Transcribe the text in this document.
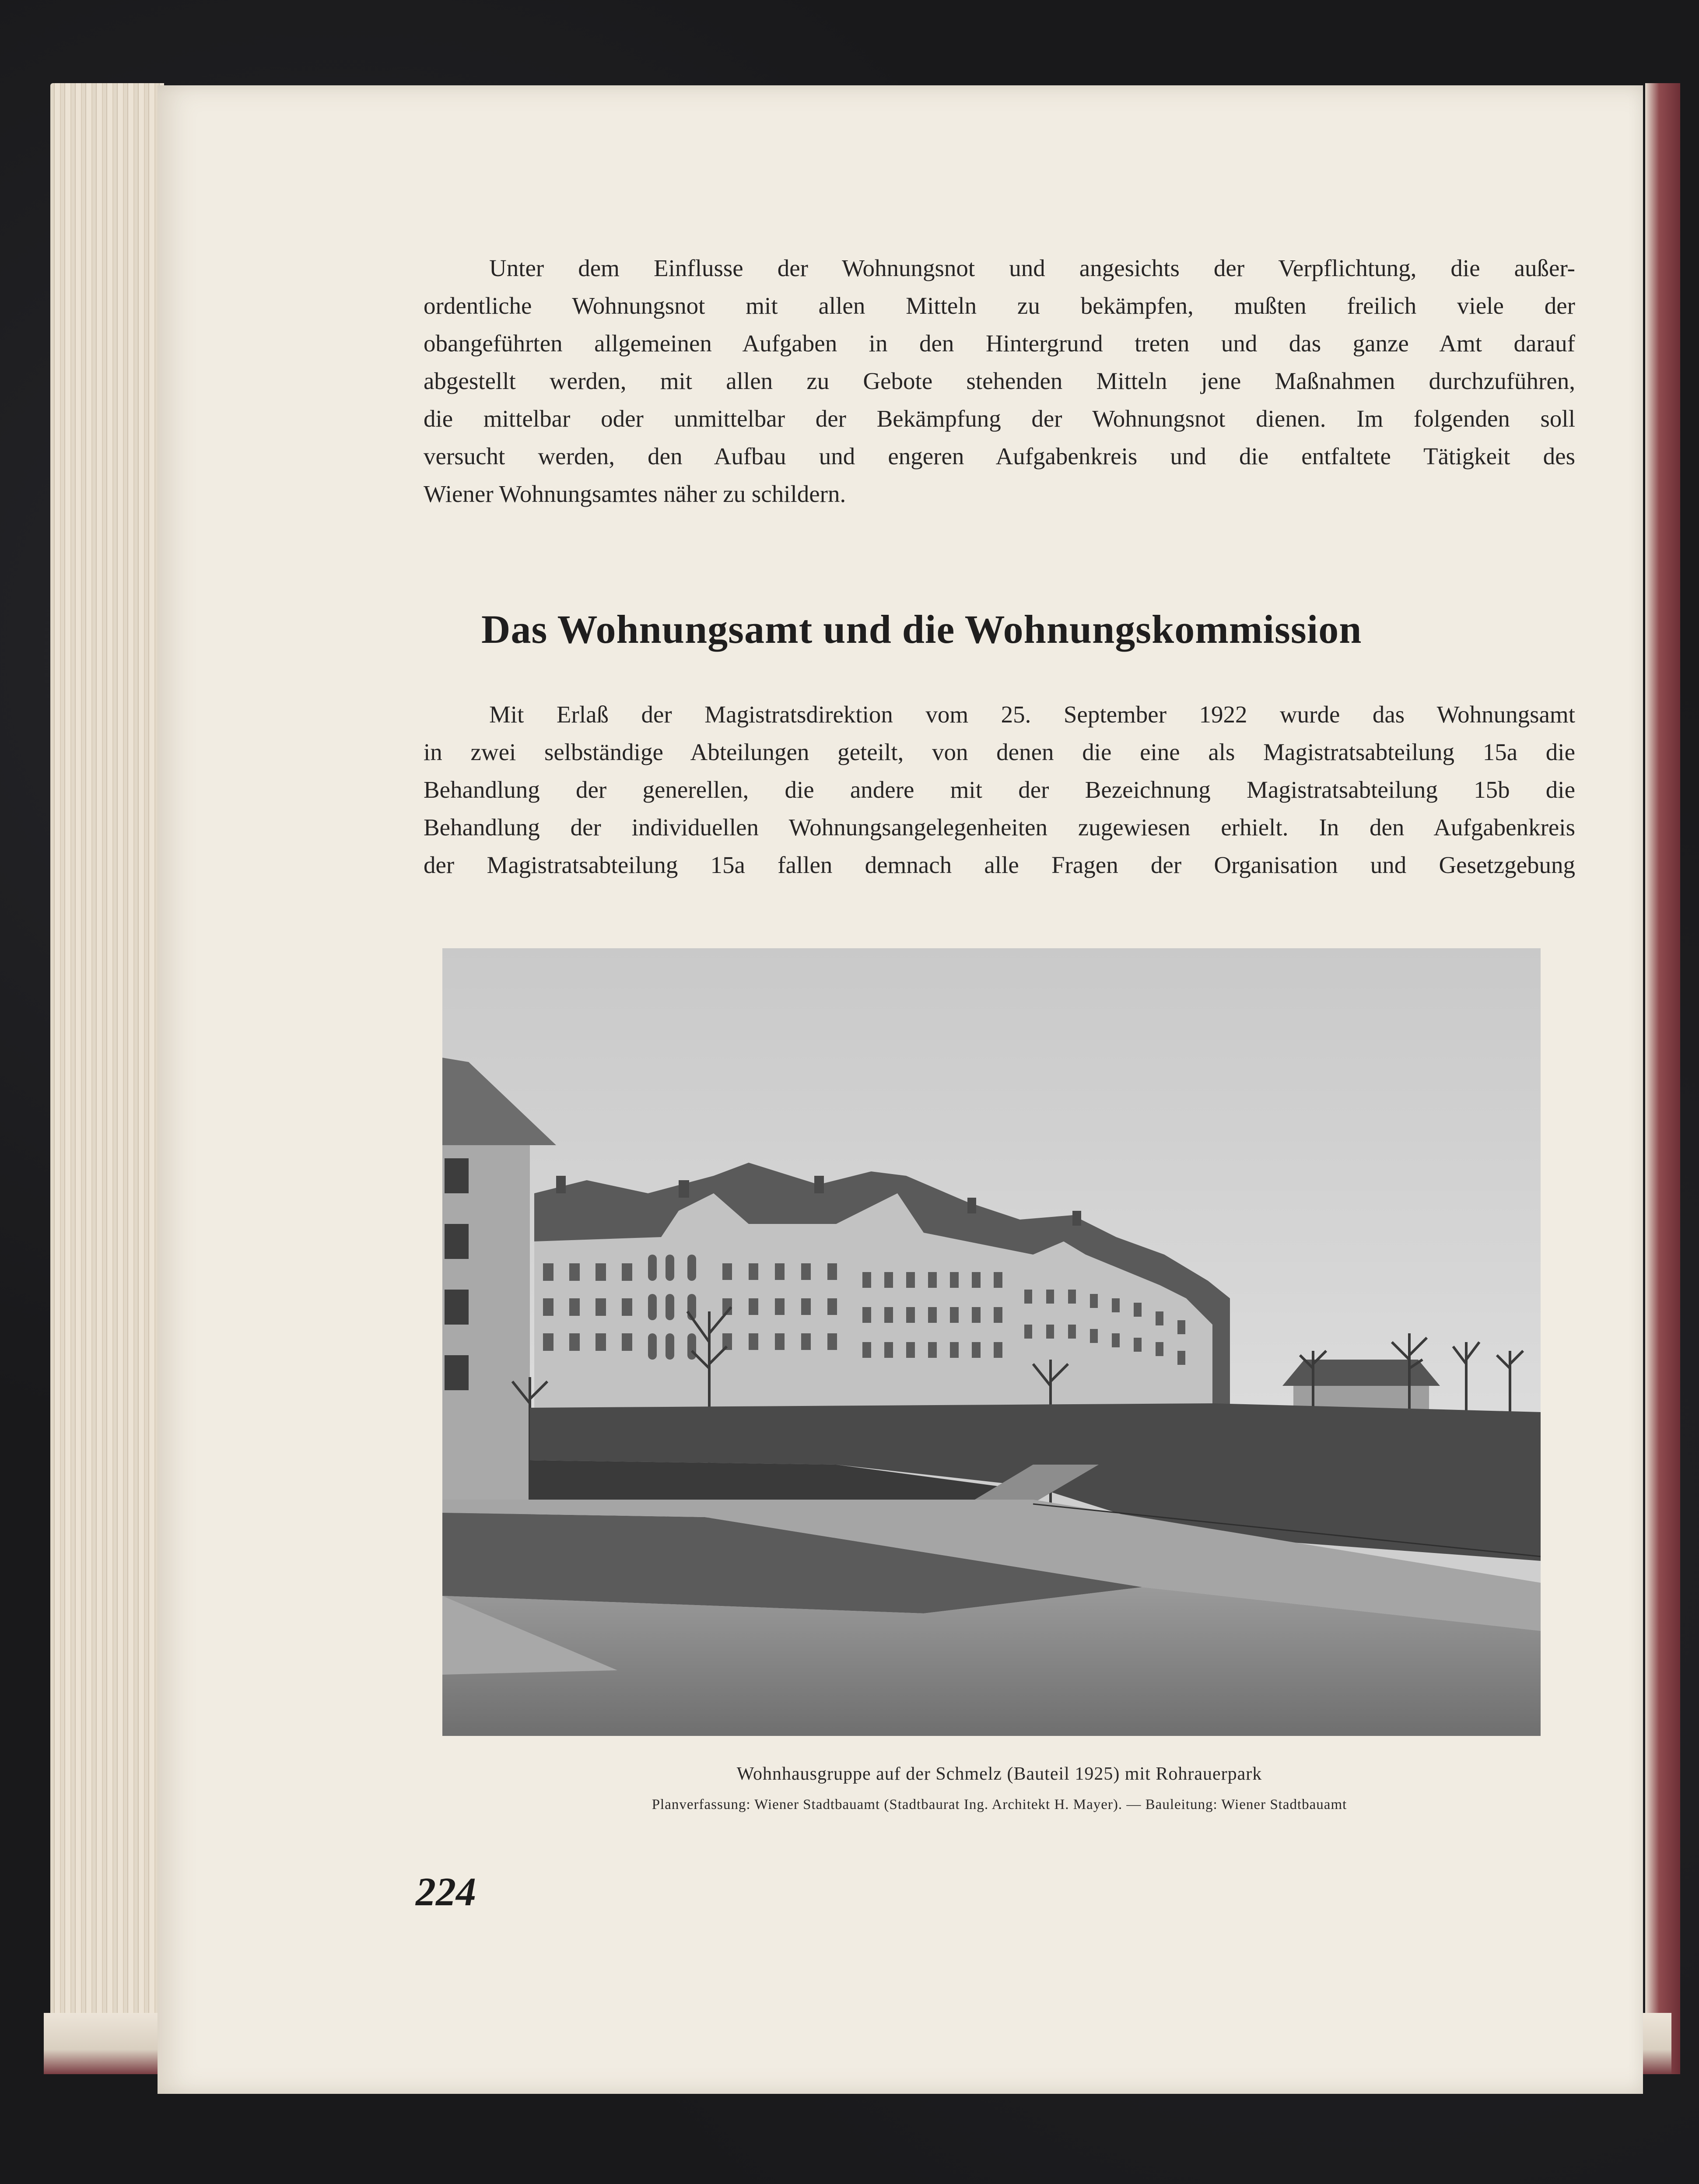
Unter dem Einflusse der Wohnungsnot und angesichts der Verpflichtung, die außer-
ordentliche Wohnungsnot mit allen Mitteln zu bekämpfen, mußten freilich viele der
obangeführten allgemeinen Aufgaben in den Hintergrund treten und das ganze Amt darauf
abgestellt werden, mit allen zu Gebote stehenden Mitteln jene Maßnahmen durchzuführen,
die mittelbar oder unmittelbar der Bekämpfung der Wohnungsnot dienen. Im folgenden soll
versucht werden, den Aufbau und engeren Aufgabenkreis und die entfaltete Tätigkeit des
Wiener Wohnungsamtes näher zu schildern.

Das Wohnungsamt und die Wohnungskommission

Mit Erlaß der Magistratsdirektion vom 25. September 1922 wurde das Wohnungsamt
in zwei selbständige Abteilungen geteilt, von denen die eine als Magistratsabteilung 15a die
Behandlung der generellen, die andere mit der Bezeichnung Magistratsabteilung 15b die
Behandlung der individuellen Wohnungsangelegenheiten zugewiesen erhielt. In den Aufgabenkreis
der Magistratsabteilung 15a fallen demnach alle Fragen der Organisation und Gesetzgebung

Wohnhausgruppe auf der Schmelz (Bauteil 1925) mit Rohrauerpark

Planverfassung: Wiener Stadtbauamt (Stadtbaurat Ing. Architekt H. Mayer). — Bauleitung: Wiener Stadtbauamt

224
